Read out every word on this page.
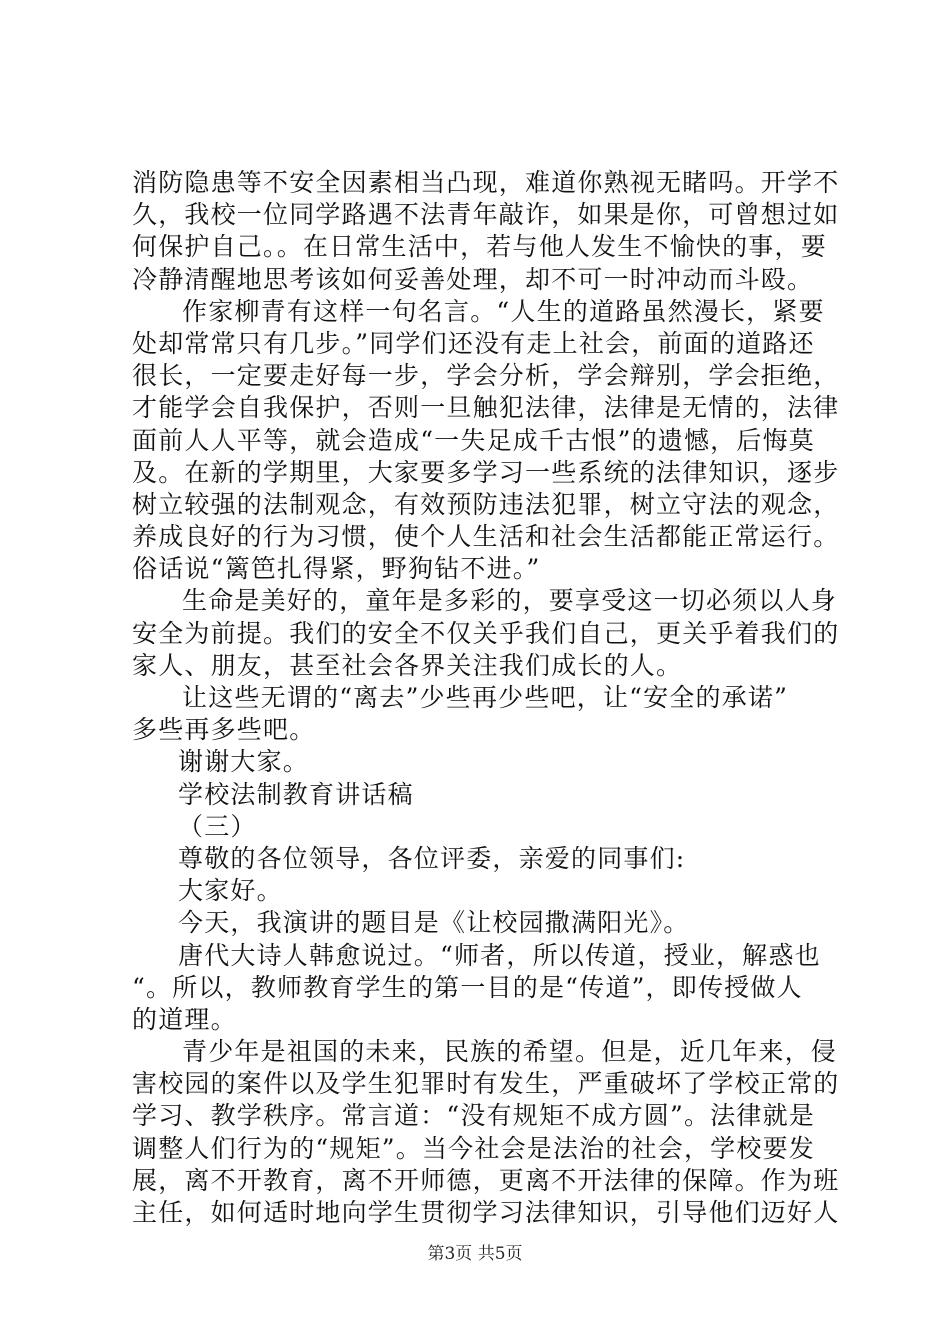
消防隐患等不安全因素相当凸现，难道你熟视无睹吗。开学不
久，我校一位同学路遇不法青年敲诈，如果是你，可曾想过如
何保护自己。。在日常生活中，若与他人发生不愉快的事，要
冷静清醒地思考该如何妥善处理，却不可一时冲动而斗殴。
作家柳青有这样一句名言。“人生的道路虽然漫长，紧要
处却常常只有几步。”同学们还没有走上社会，前面的道路还
很长，一定要走好每一步，学会分析，学会辩别，学会拒绝，
才能学会自我保护，否则一旦触犯法律，法律是无情的，法律
面前人人平等，就会造成“一失足成千古恨”的遗憾，后悔莫
及。在新的学期里，大家要多学习一些系统的法律知识，逐步
树立较强的法制观念，有效预防违法犯罪，树立守法的观念，
养成良好的行为习惯，使个人生活和社会生活都能正常运行。
俗话说“篱笆扎得紧，野狗钻不进。”
生命是美好的，童年是多彩的，要享受这一切必须以人身
安全为前提。我们的安全不仅关乎我们自己，更关乎着我们的
家人、朋友，甚至社会各界关注我们成长的人。
让这些无谓的“离去”少些再少些吧，让“安全的承诺”
多些再多些吧。
谢谢大家。
学校法制教育讲话稿
（三）
尊敬的各位领导，各位评委，亲爱的同事们:
大家好。
今天，我演讲的题目是《让校园撒满阳光》。
唐代大诗人韩愈说过。“师者，所以传道，授业，解惑也
“。所以，教师教育学生的第一目的是“传道”，即传授做人
的道理。
青少年是祖国的未来，民族的希望。但是，近几年来，侵
害校园的案件以及学生犯罪时有发生，严重破坏了学校正常的
学习、教学秩序。常言道：“没有规矩不成方圆”。法律就是
调整人们行为的“规矩”。当今社会是法治的社会，学校要发
展，离不开教育，离不开师德，更离不开法律的保障。作为班
主任，如何适时地向学生贯彻学习法律知识，引导他们迈好人
第3页 共5页
